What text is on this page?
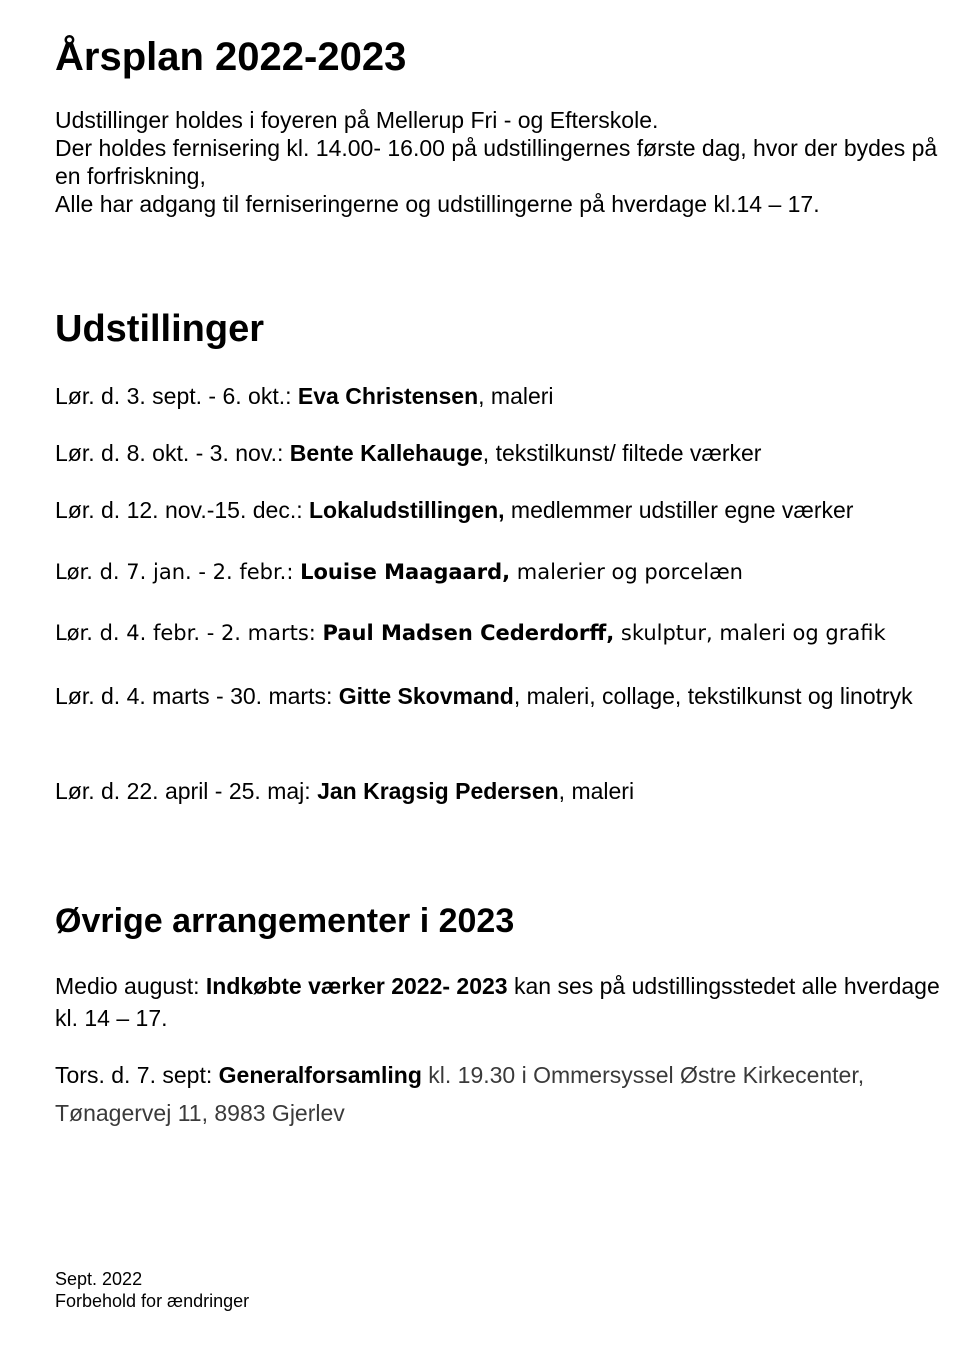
Årsplan 2022-2023

Udstillinger holdes i foyeren på Mellerup Fri - og Efterskole.

Der holdes fernisering kl. 14.00- 16.00 på udstillingernes første dag, hvor der bydes på en forfriskning,

Alle har adgang til ferniseringerne og udstillingerne på hverdage kl.14 – 17.

Udstillinger

Lør. d. 3. sept. - 6. okt.: Eva Christensen, maleri

Lør. d. 8. okt. - 3. nov.: Bente Kallehauge, tekstilkunst/ filtede værker

Lør. d. 12. nov.-15. dec.: Lokaludstillingen, medlemmer udstiller egne værker

Lør. d. 7. jan. - 2. febr.: Louise Maagaard, malerier og porcelæn

Lør. d. 4. febr. - 2. marts: Paul Madsen Cederdorff, skulptur, maleri og grafik

Lør. d. 4. marts - 30. marts: Gitte Skovmand, maleri, collage, tekstilkunst og linotryk

Lør. d. 22. april - 25. maj: Jan Kragsig Pedersen, maleri

Øvrige arrangementer i 2023

Medio august: Indkøbte værker 2022- 2023 kan ses på udstillingsstedet alle hverdage kl. 14 – 17.

Tors. d. 7. sept: Generalforsamling kl. 19.30 i Ommersyssel Østre Kirkecenter, Tønagervej 11, 8983 Gjerlev

Sept. 2022

Forbehold for ændringer
